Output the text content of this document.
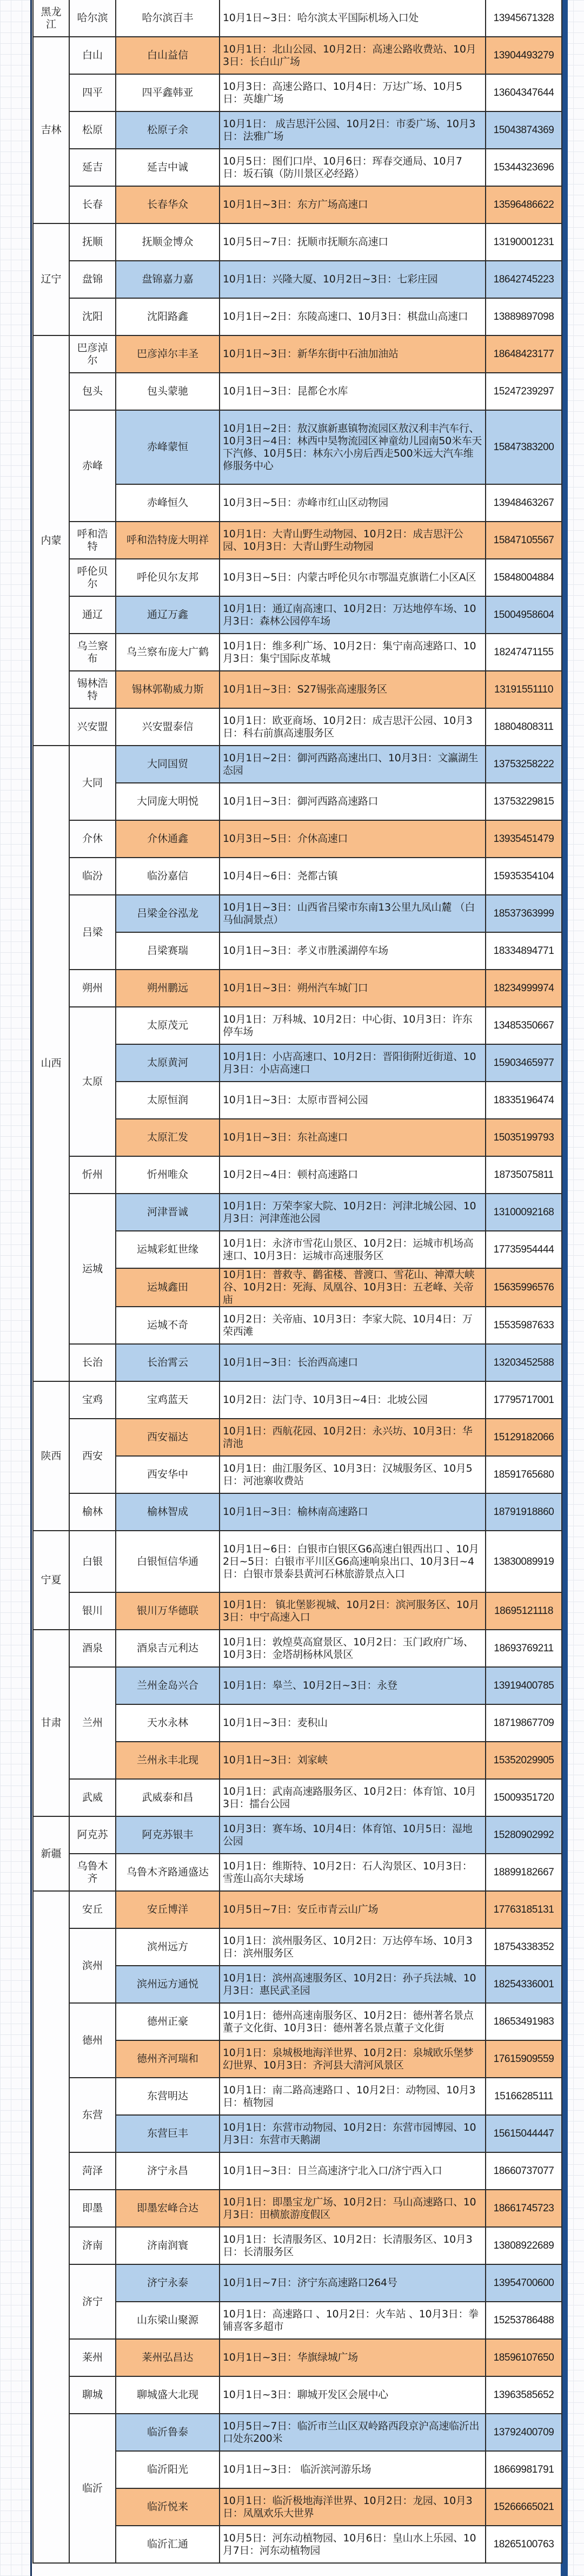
黑龙江	哈尔滨	哈尔滨百丰	10月1日~3日：哈尔滨太平国际机场入口处	13945671328
吉林	白山	白山益信	10月1日：北山公园、10月2日：高速公路收费站、10月3日：长白山广场	13904493279
	四平	四平鑫韩亚	10月3日：高速公路口、10月4日：万达广场、10月5日：英雄广场	13604347644
	松原	松原子余	10月1日： 成吉思汗公园、10月2日：市委广场、10月3日：法雅广场	15043874369
	延吉	延吉中诚	10月5日：图们口岸、10月6日：珲春交通局、10月7日：坂石镇（防川景区必经路）	15344323696
	长春	长春华众	10月1日~3日：东方广场高速口	13596486622
辽宁	抚顺	抚顺金博众	10月5日~7日：抚顺市抚顺东高速口	13190001231
	盘锦	盘锦嘉力嘉	10月1日：兴隆大厦、10月2日~3日：七彩庄园	18642745223
	沈阳	沈阳路鑫	10月1日~2日：东陵高速口、10月3日：棋盘山高速口	13889897098
内蒙	巴彦淖尔	巴彦淖尔丰圣	10月1日~3日：新华东街中石油加油站	18648423177
	包头	包头蒙驰	10月1日~3日：昆都仑水库	15247239297
	赤峰	赤峰蒙恒	10月1日~2日：敖汉旗新惠镇物流园区敖汉利丰汽车行、10月3日~4日：林西中昊物流园区神童幼儿园南50米车天下汽修、10月5日：林东六小房后西走500米远大汽车维修服务中心	15847383200
		赤峰恒久	10月3日~5日：赤峰市红山区动物园	13948463267
	呼和浩特	呼和浩特庞大明祥	10月1日：大青山野生动物园、10月2日：成吉思汗公园、10月3日：大青山野生动物园	15847105567
	呼伦贝尔	呼伦贝尔友邦	10月3日~5日：内蒙古呼伦贝尔市鄂温克旗谐仁小区A区	15848004884
	通辽	通辽万鑫	10月1日：通辽南高速口、10月2日：万达地停车场、10月3日：森林公园停车场	15004958604
	乌兰察布	乌兰察布庞大广鹤	10月1日：维多利广场、10月2日：集宁南高速路口、10月3日：集宁国际皮革城	18247471155
	锡林浩特	锡林郭勒威力斯	10月1日~3日：S27锡张高速服务区	13191551110
	兴安盟	兴安盟泰信	10月1日：欧亚商场、10月2日：成吉思汗公园、10月3日：科右前旗高速服务区	18804808311
山西	大同	大同国贸	10月1日~2日：御河西路高速出口、10月3日：文瀛湖生态园	13753258222
		大同庞大明悦	10月1日~3日：御河西路高速路口	13753229815
	介休	介休通鑫	10月3日~5日：介休高速口	13935451479
	临汾	临汾嘉信	10月4日~6日：尧都古镇	15935354104
	吕梁	吕梁金谷泓龙	10月1日~3日：山西省吕梁市东南13公里九凤山麓 （白马仙洞景点）	18537363999
		吕梁赛瑞	10月1日~3日：孝义市胜溪湖停车场	18334894771
	朔州	朔州鹏远	10月1日~3日：朔州汽车城门口	18234999974
	太原	太原茂元	10月1日：万科城、10月2日：中心街、10月3日：许东停车场	13485350667
		太原黄河	10月1日：小店高速口、10月2日：晋阳街附近街道、10月3日：小店高速口	15903465977
		太原恒润	10月1日~3日：太原市晋祠公园	18335196474
		太原汇发	10月1日~3日：东社高速口	15035199793
	忻州	忻州唯众	10月2日~4日：顿村高速路口	18735075811
	运城	河津晋诚	10月1日：万荣李家大院、10月2日：河津北城公园、10月3日：河津莲池公园	13100092168
		运城彩虹世缘	10月1日：永济市雪花山景区、10月2日：运城市机场高速口、10月3日：运城市高速服务区	17735954444
		运城鑫田	10月1日：普救寺、鹳雀楼、普渡口、雪花山、神潭大峡谷、10月2日：死海、凤凰谷、10月3日：五老峰、关帝庙	15635996576
		运城不奇	10月2日：关帝庙、10月3日：李家大院、10月4日：万荣西滩	15535987633
	长治	长治霄云	10月1日~3日：长治西高速口	13203452588
陕西	宝鸡	宝鸡蓝天	10月2日：法门寺、10月3日~4日：北坡公园	17795717001
	西安	西安福达	10月1日：西航花园、10月2日：永兴坊、10月3日：华清池	15129182066
		西安华中	10月1日：曲江服务区、10月3日：汉城服务区、10月5日：河池寨收费站	18591765680
	榆林	榆林智成	10月1日~3日：榆林南高速路口	18791918860
宁夏	白银	白银恒信华通	10月1日~6日：白银市白银区G6高速白银西出口 、10月2日~5日：白银市平川区G6高速响泉出口、10月3日~4日：白银市景泰县黄河石林旅游景点入口	13830089919
	银川	银川万华德联	10月1日： 镇北堡影视城、10月2日：滨河服务区、10月3日：中宁高速入口	18695121118
甘肃	酒泉	酒泉吉元利达	10月1日：敦煌莫高窟景区、10月2日：玉门政府广场、10月3日：金塔胡杨林风景区	18693769211
	兰州	兰州金岛兴合	10月1日：皋兰、10月2日~3日：永登	13919400785
		天水永林	10月1日~3日：麦积山	18719867709
		兰州永丰北现	10月1日~3日：刘家峡	15352029905
	武威	武威泰和昌	10月1日：武南高速路服务区、10月2日：体育馆、10月3日：擂台公园	15009351720
新疆	阿克苏	阿克苏银丰	10月3日：赛车场、10月4日：体育馆、10月5日：湿地公园	15280902992
	乌鲁木齐	乌鲁木齐路通盛达	10月1日：维斯特、10月2日：石人沟景区、10月3日：雪莲山高尔夫球场	18899182667
	安丘	安丘博洋	10月5日~7日：安丘市青云山广场	17763185131
	滨州	滨州远方	10月1日：滨州服务区、10月2日：万达停车场、10月3日：滨州服务区	18754338352
		滨州远方通悦	10月1日：滨州高速服务区、10月2日：孙子兵法城、10月3日：惠民武圣园	18254336001
	德州	德州正豪	10月1日：德州高速南服务区、10月2日：德州著名景点董子文化街、10月3日：德州著名景点董子文化街	18653491983
		德州齐河瑞和	10月1日：泉城极地海洋世界、10月2日：泉城欧乐堡梦幻世界、10月3日：齐河县大清河风景区	17615909559
	东营	东营明达	10月1日：南二路高速路口 、10月2日：动物园、10月3日：植物园	15166285111
		东营巨丰	10月1日：东营市动物园、10月2日：东营市园博园、10月3日：东营市天鹅湖	15615044447
	菏泽	济宁永昌	10月1日~3日：日兰高速济宁北入口/济宁西入口	18660737077
	即墨	即墨宏峰合达	10月1日：即墨宝龙广场、10月2日：马山高速路口、10月3日：田横旅游度假区	18661745723
	济南	济南润寰	10月1日：长清服务区、10月2日：长清服务区、10月3日：长清服务区	13808922689
	济宁	济宁永泰	10月1日~7日：济宁东高速路口264号	13954700600
		山东梁山聚源	10月1日：高速路口 、10月2日：火车站 、10月3日：拳铺喜客多超市	15253786488
	莱州	莱州弘昌达	10月1日~3日：华旗绿城广场	18596107650
	聊城	聊城盛大北现	10月1日~3日：聊城开发区会展中心	13963585652
	临沂	临沂鲁泰	10月5日~7日：临沂市兰山区双岭路西段京沪高速临沂出口处东200米	13792400709
		临沂阳光	10月1日~3日： 临沂滨河游乐场	18669981791
		临沂悦来	10月1日：临沂极地海洋世界、10月2日：龙园、10月3日：凤凰欢乐大世界	15266665021
		临沂汇通	10月5日：河东动植物园、10月6日：皇山水上乐园、10月7日：河东动植物园	18265100763
